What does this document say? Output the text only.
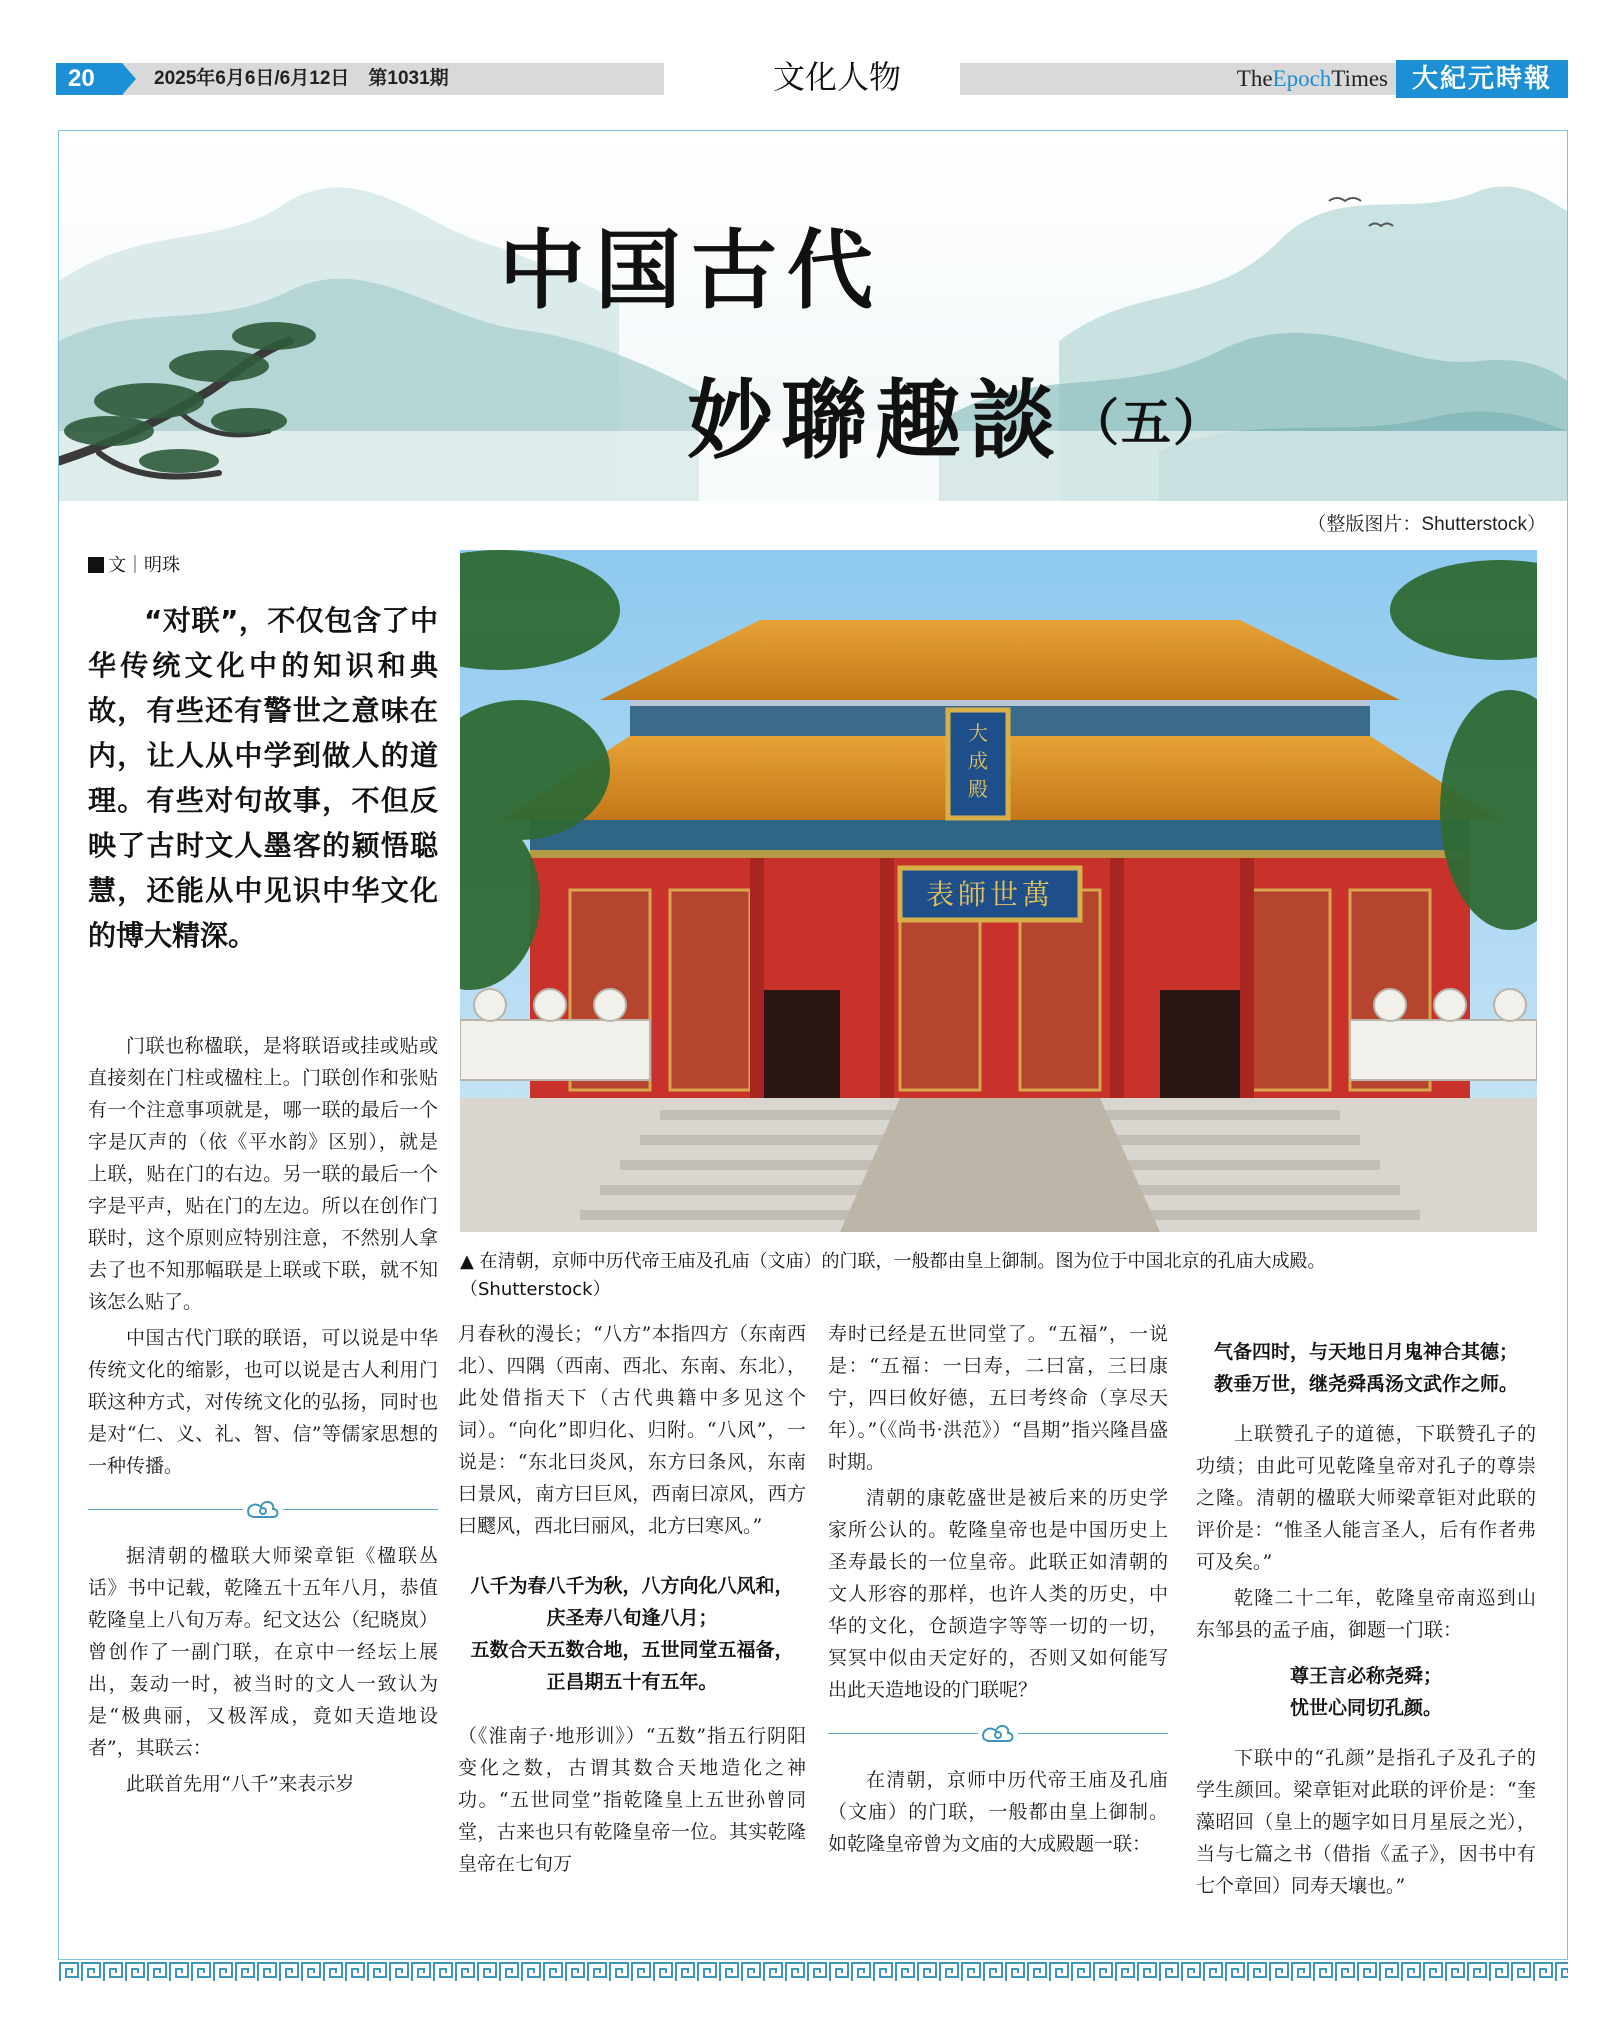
20	2025年6月6日/6月12日　第1031期	文化人物	TheEpochTimes 大紀元時報
中国古代
妙聯趣談 （五）
（整版图片：Shutterstock）
文｜明珠
“对联”，不仅包含了中华传统文化中的知识和典故，有些还有警世之意味在内，让人从中学到做人的道理。有些对句故事，不但反映了古时文人墨客的颖悟聪慧，还能从中见识中华文化的博大精深。

门联也称楹联，是将联语或挂或贴或直接刻在门柱或楹柱上。门联创作和张贴有一个注意事项就是，哪一联的最后一个字是仄声的（依《平水韵》区别），就是上联，贴在门的右边。另一联的最后一个字是平声，贴在门的左边。所以在创作门联时，这个原则应特别注意，不然别人拿去了也不知那幅联是上联或下联，就不知该怎么贴了。

中国古代门联的联语，可以说是中华传统文化的缩影，也可以说是古人利用门联这种方式，对传统文化的弘扬，同时也是对“仁、义、礼、智、信”等儒家思想的一种传播。

据清朝的楹联大师梁章钜《楹联丛话》书中记载，乾隆五十五年八月，恭值乾隆皇上八旬万寿。纪文达公（纪晓岚）曾创作了一副门联，在京中一经坛上展出，轰动一时，被当时的文人一致认为是“极典丽，又极浑成，竟如天造地设者”，其联云：

此联首先用“八千”来表示岁

大
成
殿
表師世萬
▲ 在清朝，京师中历代帝王庙及孔庙（文庙）的门联，一般都由皇上御制。图为位于中国北京的孔庙大成殿。
（Shutterstock）

月春秋的漫长；“八方”本指四方（东南西北）、四隅（西南、西北、东南、东北），此处借指天下（古代典籍中多见这个词）。“向化”即归化、归附。“八风”，一说是：“东北曰炎风，东方曰条风，东南曰景风，南方曰巨风，西南曰凉风，西方曰飂风，西北曰丽风，北方曰寒风。”

八千为春八千为秋，八方向化八风和，
庆圣寿八旬逢八月；
五数合天五数合地，五世同堂五福备，
正昌期五十有五年。

（《淮南子·地形训》）“五数”指五行阴阳变化之数，古谓其数合天地造化之神功。“五世同堂”指乾隆皇上五世孙曾同堂，古来也只有乾隆皇帝一位。其实乾隆皇帝在七旬万

寿时已经是五世同堂了。“五福”，一说是：“五福：一曰寿，二曰富，三曰康宁，四曰攸好德，五曰考终命（享尽天年）。”（《尚书·洪范》）“昌期”指兴隆昌盛时期。

清朝的康乾盛世是被后来的历史学家所公认的。乾隆皇帝也是中国历史上圣寿最长的一位皇帝。此联正如清朝的文人形容的那样，也许人类的历史，中华的文化，仓颉造字等等一切的一切，冥冥中似由天定好的，否则又如何能写出此天造地设的门联呢？

在清朝，京师中历代帝王庙及孔庙（文庙）的门联，一般都由皇上御制。如乾隆皇帝曾为文庙的大成殿题一联：

气备四时，与天地日月鬼神合其德；
教垂万世，继尧舜禹汤文武作之师。

上联赞孔子的道德，下联赞孔子的功绩；由此可见乾隆皇帝对孔子的尊崇之隆。清朝的楹联大师梁章钜对此联的评价是：“惟圣人能言圣人，后有作者弗可及矣。”

乾隆二十二年，乾隆皇帝南巡到山东邹县的孟子庙，御题一门联：

尊王言必称尧舜；
忧世心同切孔颜。

下联中的“孔颜”是指孔子及孔子的学生颜回。梁章钜对此联的评价是：“奎藻昭回（皇上的题字如日月星辰之光），当与七篇之书（借指《孟子》，因书中有七个章回）同寿天壤也。”
